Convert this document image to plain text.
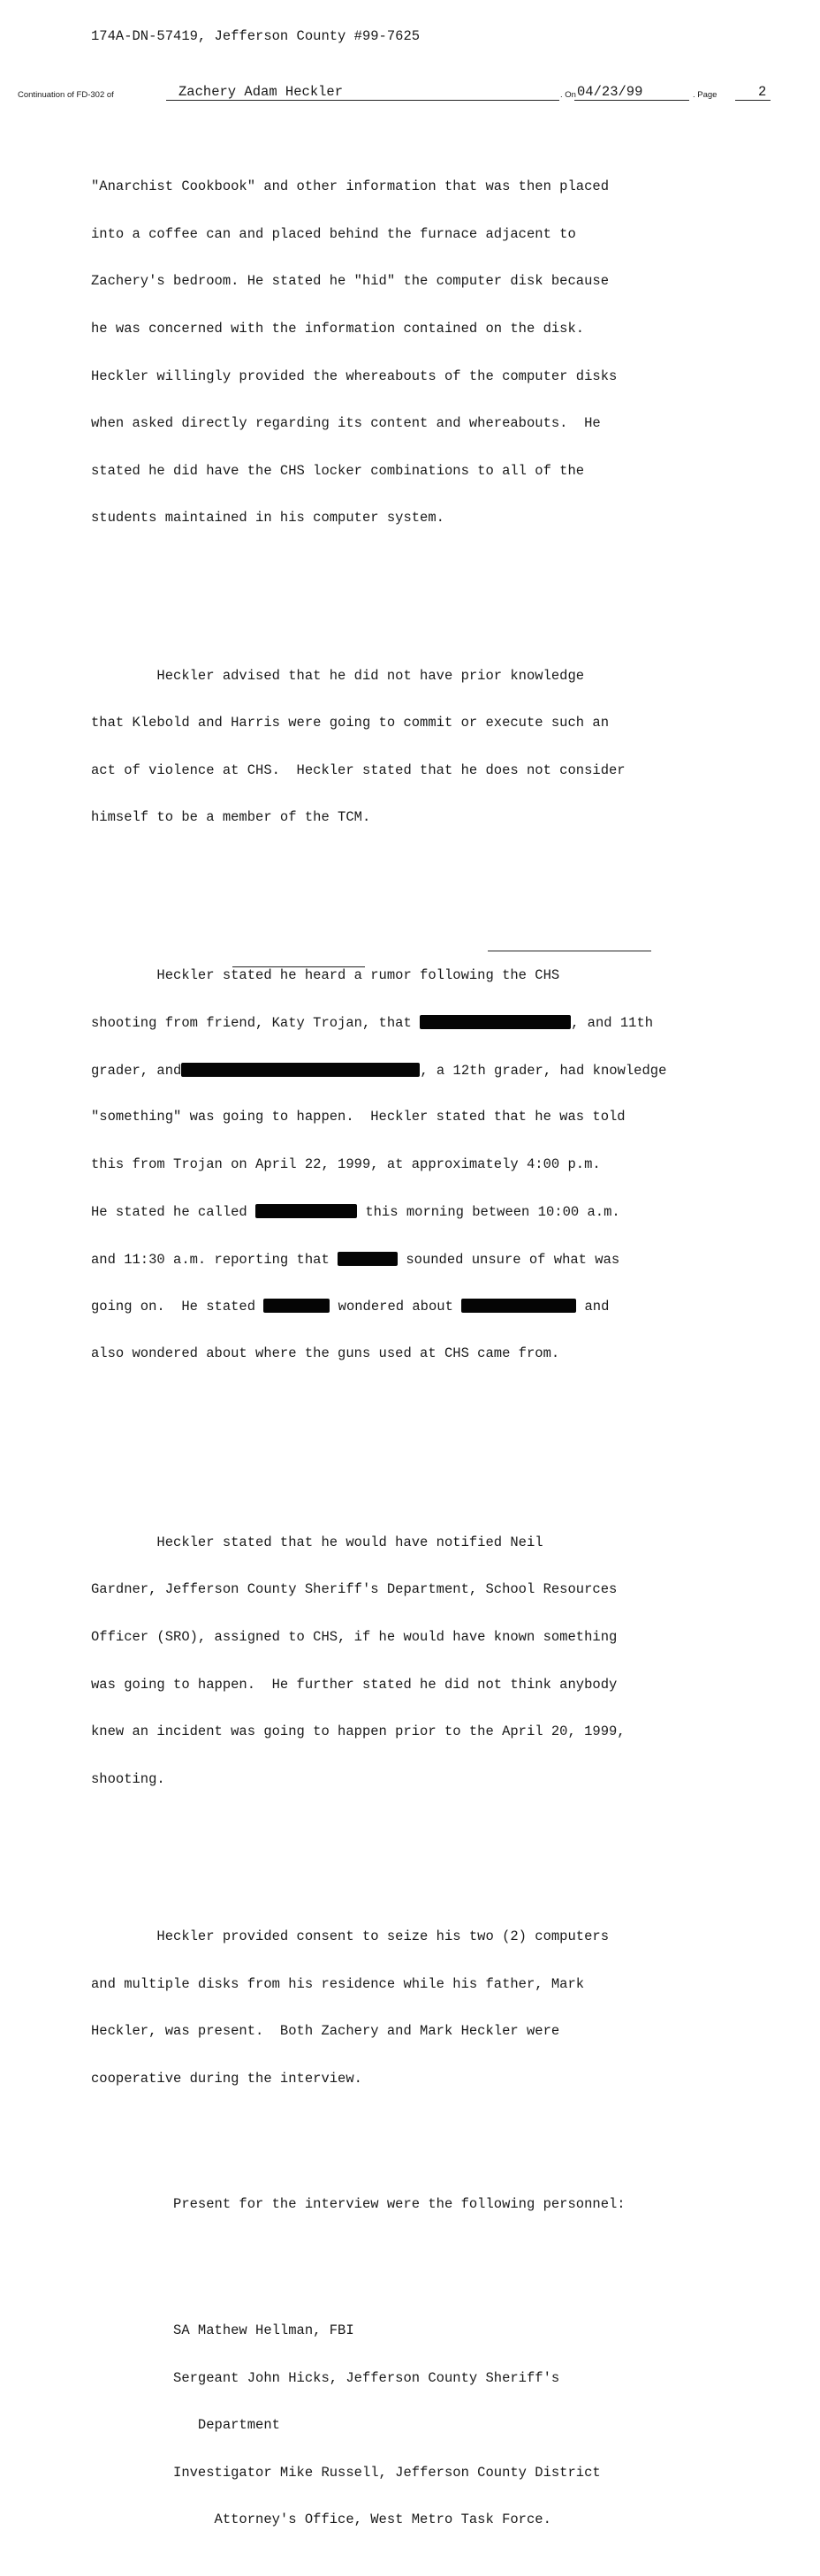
174A-DN-57419, Jefferson County #99-7625
Continuation of FD-302 of	Zachery Adam Heckler	. On 04/23/99	. Page	2

"Anarchist Cookbook" and other information that was then placed

into a coffee can and placed behind the furnace adjacent to

Zachery's bedroom. He stated he "hid" the computer disk because

he was concerned with the information contained on the disk.

Heckler willingly provided the whereabouts of the computer disks

when asked directly regarding its content and whereabouts.  He

stated he did have the CHS locker combinations to all of the

students maintained in his computer system.

Heckler advised that he did not have prior knowledge

that Klebold and Harris were going to commit or execute such an

act of violence at CHS.  Heckler stated that he does not consider

himself to be a member of the TCM.

Heckler stated he heard a rumor following the CHS

shooting from friend, Katy Trojan, that	, and 11th

grader, and	, a 12th grader, had knowledge

"something" was going to happen.  Heckler stated that he was told

this from Trojan on April 22, 1999, at approximately 4:00 p.m.

He stated he called	this morning between 10:00 a.m.

and 11:30 a.m. reporting that	sounded unsure of what was

going on.  He stated	wondered about	and

also wondered about where the guns used at CHS came from.

Heckler stated that he would have notified Neil

Gardner, Jefferson County Sheriff's Department, School Resources

Officer (SRO), assigned to CHS, if he would have known something

was going to happen.  He further stated he did not think anybody

knew an incident was going to happen prior to the April 20, 1999,

shooting.

Heckler provided consent to seize his two (2) computers

and multiple disks from his residence while his father, Mark

Heckler, was present.  Both Zachery and Mark Heckler were

cooperative during the interview.

Present for the interview were the following personnel:

SA Mathew Hellman, FBI

Sergeant John Hicks, Jefferson County Sheriff's

Department

Investigator Mike Russell, Jefferson County District

Attorney's Office, West Metro Task Force.
